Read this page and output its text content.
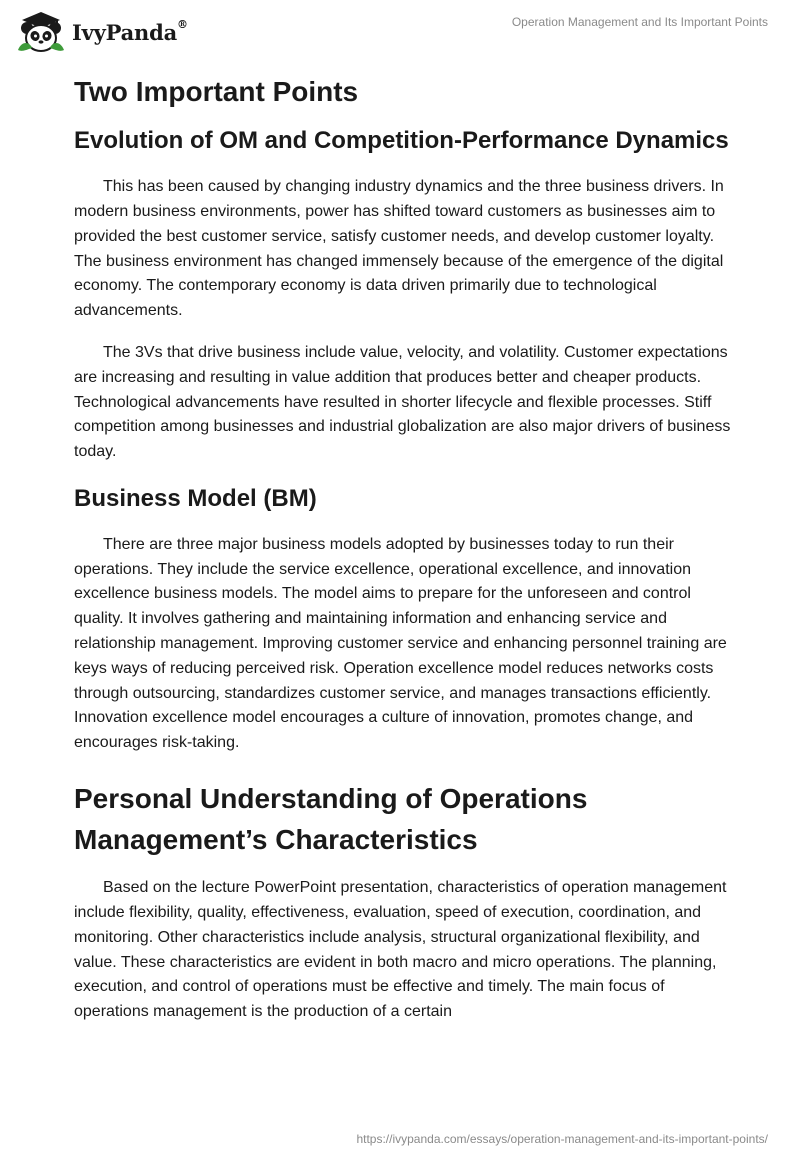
IvyPanda®	Operation Management and Its Important Points
Two Important Points
Evolution of OM and Competition-Performance Dynamics

This has been caused by changing industry dynamics and the three business drivers. In modern business environments, power has shifted toward customers as businesses aim to provided the best customer service, satisfy customer needs, and develop customer loyalty. The business environment has changed immensely because of the emergence of the digital economy. The contemporary economy is data driven primarily due to technological advancements.

The 3Vs that drive business include value, velocity, and volatility. Customer expectations are increasing and resulting in value addition that produces better and cheaper products. Technological advancements have resulted in shorter lifecycle and flexible processes. Stiff competition among businesses and industrial globalization are also major drivers of business today.

Business Model (BM)

There are three major business models adopted by businesses today to run their operations. They include the service excellence, operational excellence, and innovation excellence business models. The model aims to prepare for the unforeseen and control quality. It involves gathering and maintaining information and enhancing service and relationship management. Improving customer service and enhancing personnel training are keys ways of reducing perceived risk. Operation excellence model reduces networks costs through outsourcing, standardizes customer service, and manages transactions efficiently. Innovation excellence model encourages a culture of innovation, promotes change, and encourages risk-taking.

Personal Understanding of Operations Management’s Characteristics

Based on the lecture PowerPoint presentation, characteristics of operation management include flexibility, quality, effectiveness, evaluation, speed of execution, coordination, and monitoring. Other characteristics include analysis, structural organizational flexibility, and value. These characteristics are evident in both macro and micro operations. The planning, execution, and control of operations must be effective and timely. The main focus of operations management is the production of a certain

https://ivypanda.com/essays/operation-management-and-its-important-points/
